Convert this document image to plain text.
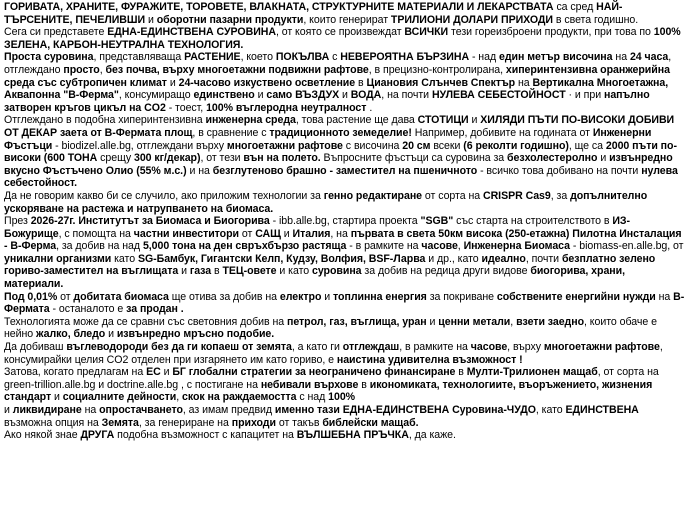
ГОРИВАТА, ХРАНИТЕ, ФУРАЖИТЕ, ТОРОВЕТЕ, ВЛАКНАТА, СТРУКТУРНИТЕ МАТЕРИАЛИ И ЛЕКАРСТВАТА са сред НАЙ-ТЪРСЕНИТЕ, ПЕЧЕЛИВШИ и оборотни пазарни продукти, които генерират ТРИЛИОНИ ДОЛАРИ ПРИХОДИ в света годишно.

Сега си представете ЕДНА-ЕДИНСТВЕНА СУРОВИНА, от която се произвеждат ВСИЧКИ тези гореизброени продукти, при това по 100% ЗЕЛЕНА, КАРБОН-НЕУТРАЛНА ТЕХНОЛОГИЯ.

Проста суровина, представляваща РАСТЕНИЕ, което ПОКЪЛВА с НЕВЕРОЯТНА БЪРЗИНА - над един метър височина на 24 часа, отглеждано просто, без почва, върху многоетажни подвижни рафтове, в прецизно-контролирана, хиперинтензивна оранжерийна среда със субтропичен климат и 24-часово изкуствено осветление в Циановия Слънчев Спектър на Вертикална Многоетажна, Аквапонна "В-Ферма", консумиращо единствено и само ВЪЗДУХ и ВОДА, на почти НУЛЕВА СЕБЕСТОЙНОСТ · и при напълно затворен кръгов цикъл на CO2 - тоест, 100% въглеродна неутралност .

Отглеждано в подобна хиперинтензивна инженерна среда, това растение ще дава СТОТИЦИ и ХИЛЯДИ ПЪТИ ПО-ВИСОКИ ДОБИВИ ОТ ДЕКАР заета от В-Фермата площ, в сравнение с традиционното земеделие! Например, добивите на годината от Инженерни Фъстъци - biodizel.alle.bg, отглеждани върху многоетажни рафтове с височина 20 см всеки (6 реколти годишно), ще са 2000 пъти по-високи (600 ТОНА срещу 300 кг/декар), от тези вън на полето. Въпросните фъстъци са суровина за безхолестеролно и извънредно вкусно Фъстъчено Олио (55% м.с.) и на безглутеново брашно - заместител на пшеничното - всичко това добивано на почти нулева себестойност.

Да не говорим какво би се случило, ако приложим технологии за генно редактиране от сорта на CRISPR Cas9, за допълнително ускоряване на растежа и натрупването на биомаса.

През 2026-27г. Институтът за Биомаса и Биогорива - ibb.alle.bg, стартира проекта "SGB" със старта на строителството в ИЗ-Божурище, с помощта на частни инвеститори от САЩ и Италия, на първата в света 50км висока (250-етажна) Пилотна Инсталация - В-Ферма, за добив на над 5,000 тона на ден свръхбързо растяща - в рамките на часове, Инженерна Биомаса - biomass-en.alle.bg, от уникални организми като SG-Бамбук, Гигантски Келп, Кудзу, Волфия, BSF-Ларва и др., като идеално, почти безплатно зелено гориво-заместител на въглищата и газа в ТЕЦ-овете и като суровина за добив на редица други видове биогорива, храни, материали.

Под 0,01% от добитата биомаса ще отива за добив на електро и топлинна енергия за покриване собствените енергийни нужди на В-Фермата - останалото е за продан .

Технологията може да се сравни със световния добив на петрол, газ, въглища, уран и ценни метали, взети заедно, които обаче е нейно жалко, бледо и извънредно мръсно подобие.

Да добиваш въглеводороди без да ги копаеш от земята, а като ги отглеждаш, в рамките на часове, върху многоетажни рафтове, консумирайки целия CO2 отделен при изгарянето им като гориво, е наистина удивителна възможност !

Затова, когато предлагам на ЕС и БГ глобални стратегии за неограничено финансиране в Мулти-Трилионен мащаб, от сорта на green-trillion.alle.bg и doctrine.alle.bg , с постигане на небивали върхове в икономиката, технологиите, въоръжението, жизнения стандарт и социалните дейности, скок на раждаемостта с над 100%
и ликвидиране на опростачването, аз имам предвид именно тази ЕДНА-ЕДИНСТВЕНА Суровина-ЧУДО, като ЕДИНСТВЕНА възможна опция на Земята, за генериране на приходи от такъв библейски мащаб.

Ако някой знае ДРУГА подобна възможност с капацитет на ВЪЛШЕБНА ПРЪЧКА, да каже.
